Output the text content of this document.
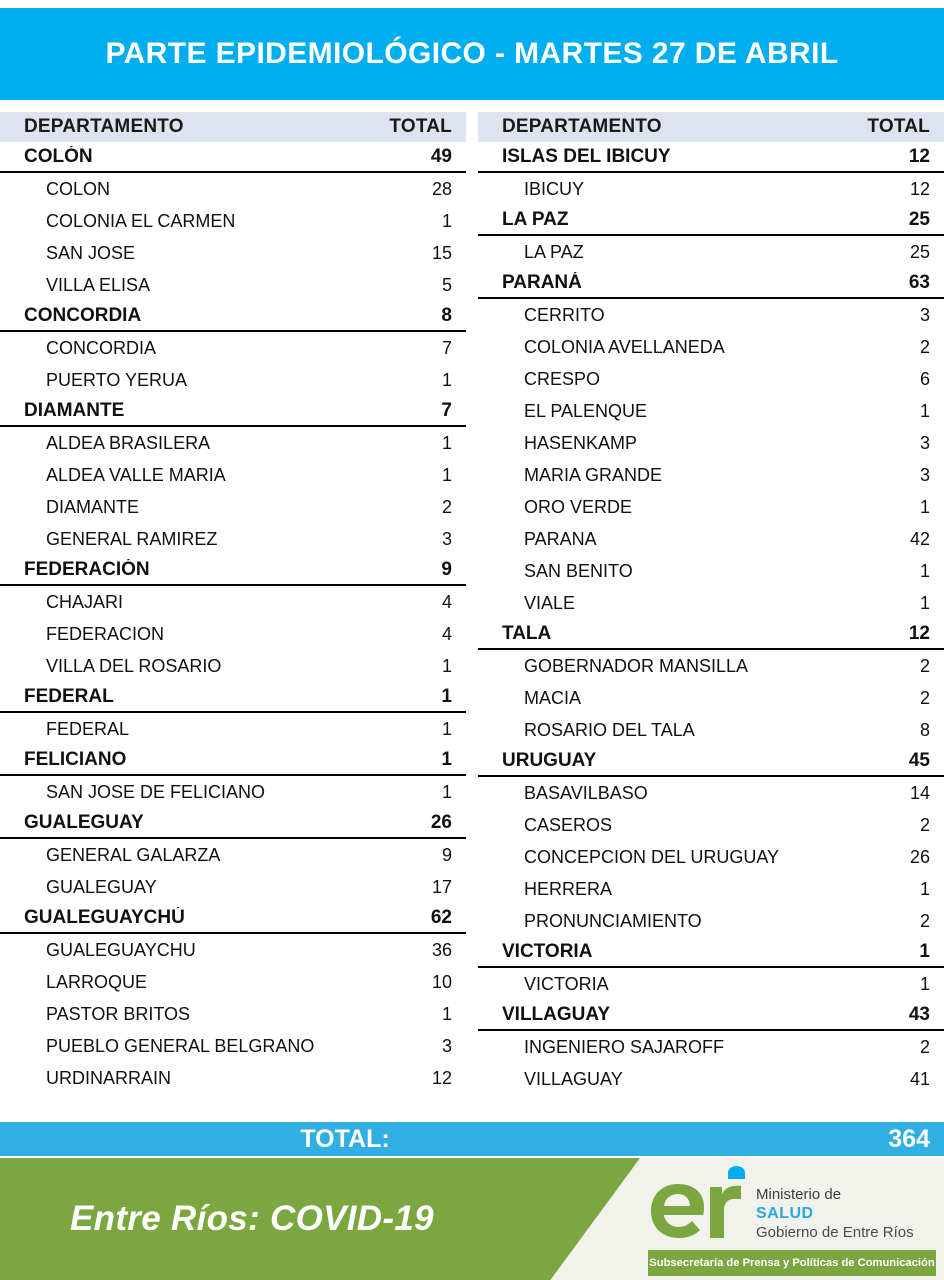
PARTE EPIDEMIOLÓGICO - MARTES 27 DE ABRIL
DEPARTAMENTO	TOTAL
COLÓN	49
COLON	28
COLONIA EL CARMEN	1
SAN JOSE	15
VILLA ELISA	5
CONCORDIA	8
CONCORDIA	7
PUERTO YERUA	1
DIAMANTE	7
ALDEA BRASILERA	1
ALDEA VALLE MARIA	1
DIAMANTE	2
GENERAL RAMIREZ	3
FEDERACIÓN	9
CHAJARI	4
FEDERACION	4
VILLA DEL ROSARIO	1
FEDERAL	1
FEDERAL	1
FELICIANO	1
SAN JOSE DE FELICIANO	1
GUALEGUAY	26
GENERAL GALARZA	9
GUALEGUAY	17
GUALEGUAYCHÚ	62
GUALEGUAYCHU	36
LARROQUE	10
PASTOR BRITOS	1
PUEBLO GENERAL BELGRANO	3
URDINARRAIN	12
DEPARTAMENTO	TOTAL
ISLAS DEL IBICUY	12
IBICUY	12
LA PAZ	25
LA PAZ	25
PARANÁ	63
CERRITO	3
COLONIA AVELLANEDA	2
CRESPO	6
EL PALENQUE	1
HASENKAMP	3
MARIA GRANDE	3
ORO VERDE	1
PARANA	42
SAN BENITO	1
VIALE	1
TALA	12
GOBERNADOR MANSILLA	2
MACIA	2
ROSARIO DEL TALA	8
URUGUAY	45
BASAVILBASO	14
CASEROS	2
CONCEPCION DEL URUGUAY	26
HERRERA	1
PRONUNCIAMIENTO	2
VICTORIA	1
VICTORIA	1
VILLAGUAY	43
INGENIERO SAJAROFF	2
VILLAGUAY	41
TOTAL:	364
Entre Ríos: COVID-19
Ministerio de
SALUD
Gobierno de Entre Ríos
Subsecretaría de Prensa y Políticas de Comunicación
